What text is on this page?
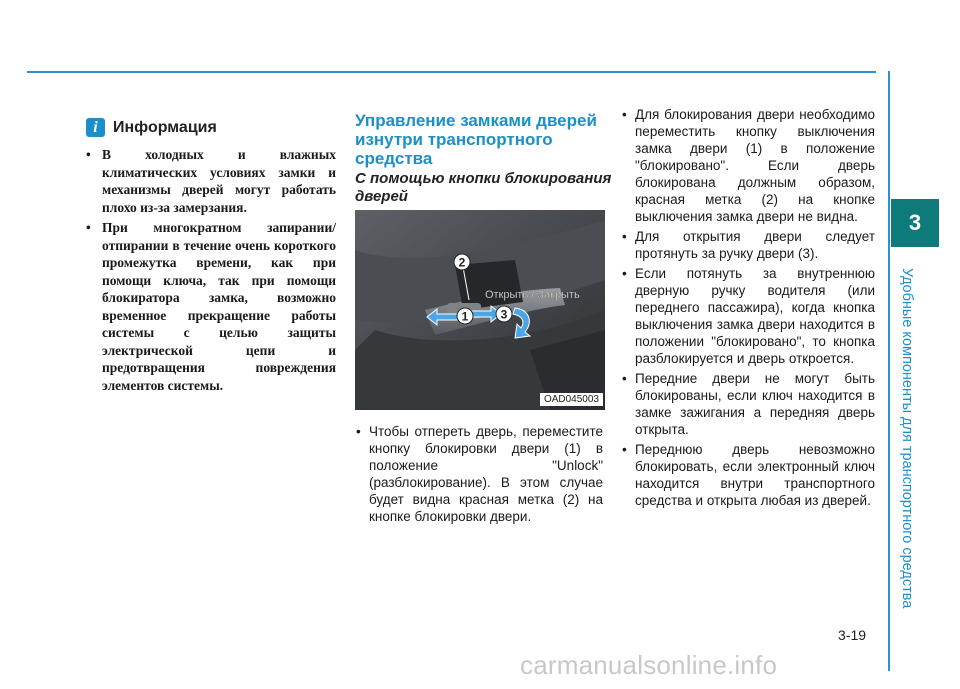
3
Удобные компоненты для транспортного средства
i Информация
• В холодных и влажных климатических условиях замки и механизмы дверей могут работать плохо из-за замерзания.
• При многократном запирании/отпирании в течение очень короткого промежутка времени, как при помощи ключа, так при помощи блокиратора замка, возможно временное прекращение работы системы с целью защиты электрической цепи и предотвращения повреждения элементов системы.
Управление замками дверей изнутри транспортного средства
С помощью кнопки блокирования дверей
2
1	3
Открыть / Закрыть
OAD045003
• Чтобы отпереть дверь, переместите кнопку блокировки двери (1) в положение "Unlock" (разблокирование). В этом случае будет видна красная метка (2) на кнопке блокировки двери.
• Для блокирования двери необходимо переместить кнопку выключения замка двери (1) в положение "блокировано". Если дверь блокирована должным образом, красная метка (2) на кнопке выключения замка двери не видна.
• Для открытия двери следует протянуть за ручку двери (3).
• Если потянуть за внутреннюю дверную ручку водителя (или переднего пассажира), когда кнопка выключения замка двери находится в положении "блокировано", то кнопка разблокируется и дверь откроется.
• Передние двери не могут быть блокированы, если ключ находится в замке зажигания а передняя дверь открыта.
• Переднюю дверь невозможно блокировать, если электронный ключ находится внутри транспортного средства и открыта любая из дверей.
3-19
carmanualsonline.info
